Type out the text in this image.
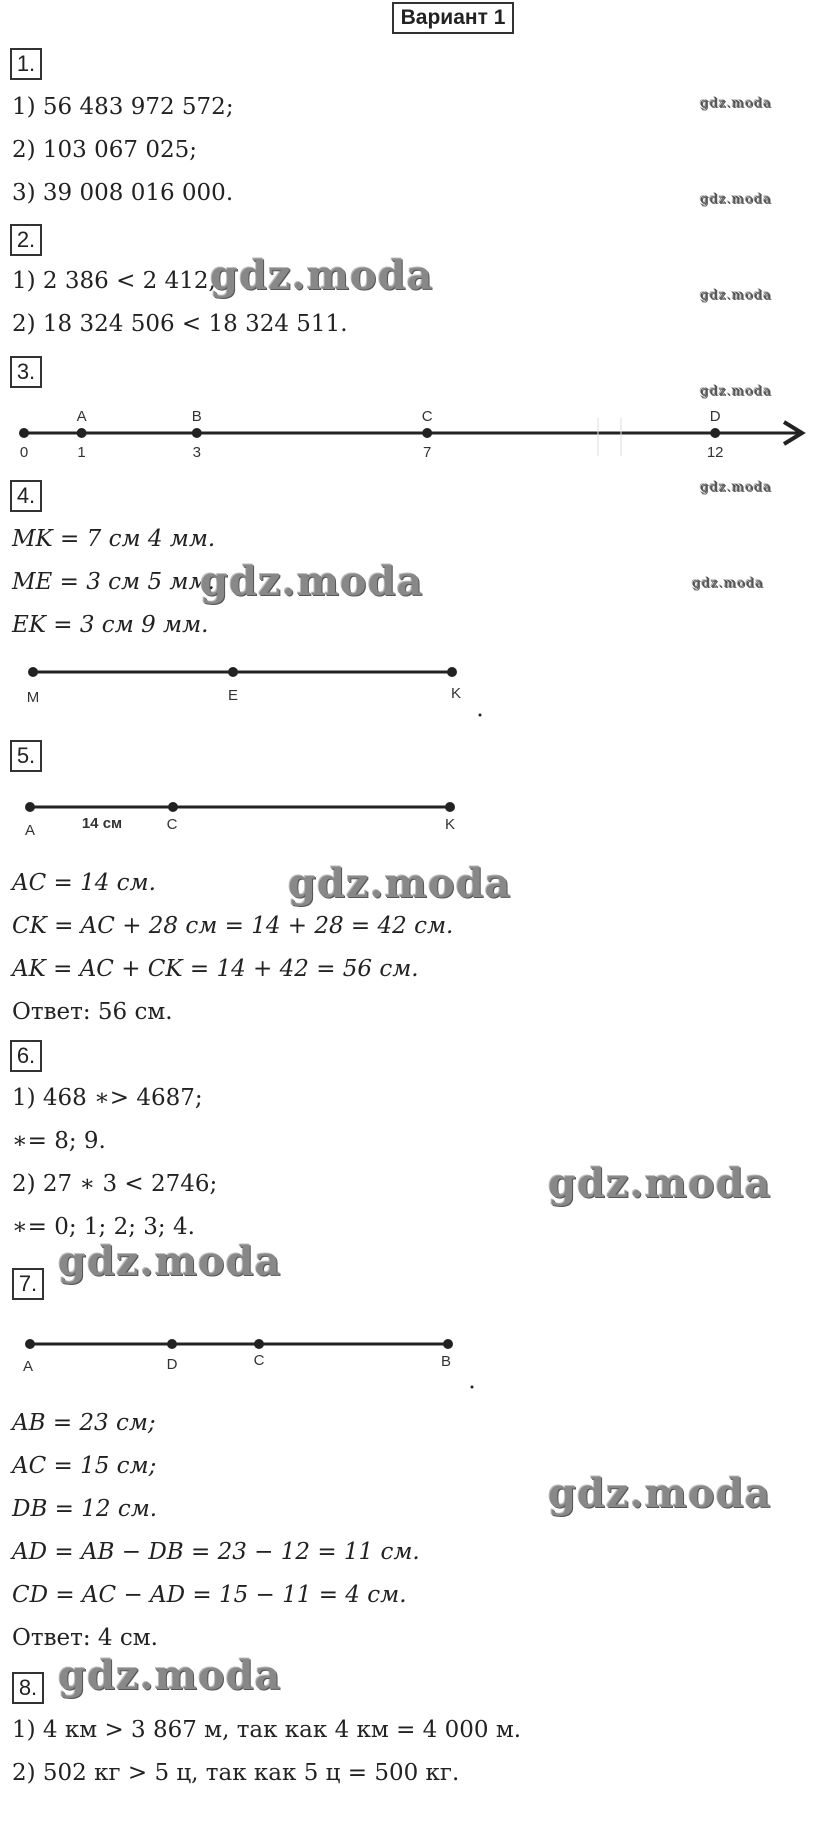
Вариант 1
gdz.moda
gdz.moda
gdz.moda
gdz.moda
gdz.moda
gdz.moda
1.
1) 56 483 972 572;
2) 103 067 025;
3) 39 008 016 000.
2.
1) 2 386 < 2 412;
2) 18 324 506 < 18 324 511.
gdz.moda
3.
0	1
A
3
B
7
C
12
D
4.
MK = 7 см 4 мм.
ME = 3 см 5 мм.
EK = 3 см 9 мм.
gdz.moda
M	E	K
5.
A	14 см	C	K
AC = 14 см.
CK = AC + 28 см = 14 + 28 = 42 см.
AK = AC + CK = 14 + 42 = 56 см.
Ответ: 56 см.
gdz.moda
6.
1) 468 ∗> 4687;
∗= 8; 9.
2) 27 ∗ 3 < 2746;
∗= 0; 1; 2; 3; 4.
gdz.moda
gdz.moda
7.
A	D	C	B
AB = 23 см;
AC = 15 см;
DB = 12 см.
AD = AB − DB = 23 − 12 = 11 см.
CD = AC − AD = 15 − 11 = 4 см.
Ответ: 4 см.
gdz.moda
gdz.moda
8.
1) 4 км > 3 867 м, так как 4 км = 4 000 м.
2) 502 кг > 5 ц, так как 5 ц = 500 кг.
